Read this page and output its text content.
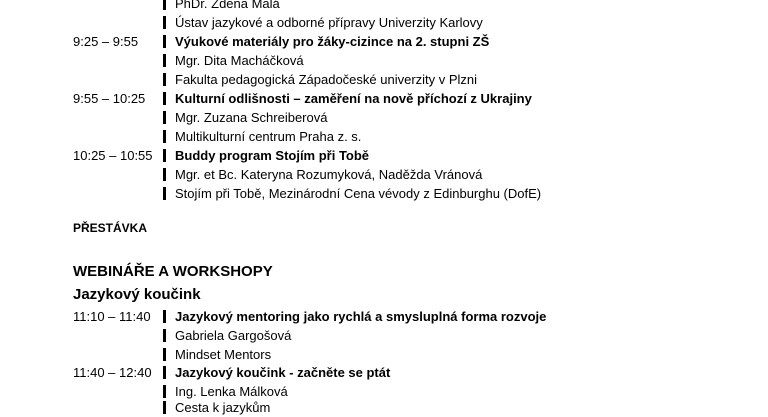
PhDr. Zdena Malá
Ústav jazykové a odborné přípravy Univerzity Karlovy
9:25 – 9:55	Výukové materiály pro žáky-cizince na 2. stupni ZŠ
Mgr. Dita Macháčková
Fakulta pedagogická Západočeské univerzity v Plzni
9:55 – 10:25 Kulturní odlišnosti – zaměření na nově příchozí z Ukrajiny
Mgr. Zuzana Schreiberová
Multikulturní centrum Praha z. s.
10:25 – 10:55 Buddy program Stojím při Tobě
Mgr. et Bc. Kateryna Rozumyková, Naděžda Vránová
Stojím při Tobě, Mezinárodní Cena vévody z Edinburghu (DofE)
PŘESTÁVKA
WEBINÁŘE A WORKSHOPY
Jazykový koučink
11:10 – 11:40 Jazykový mentoring jako rychlá a smysluplná forma rozvoje
Gabriela Gargošová
Mindset Mentors
11:40 – 12:40 Jazykový koučink - začněte se ptát
Ing. Lenka Málková
Cesta k jazykům
